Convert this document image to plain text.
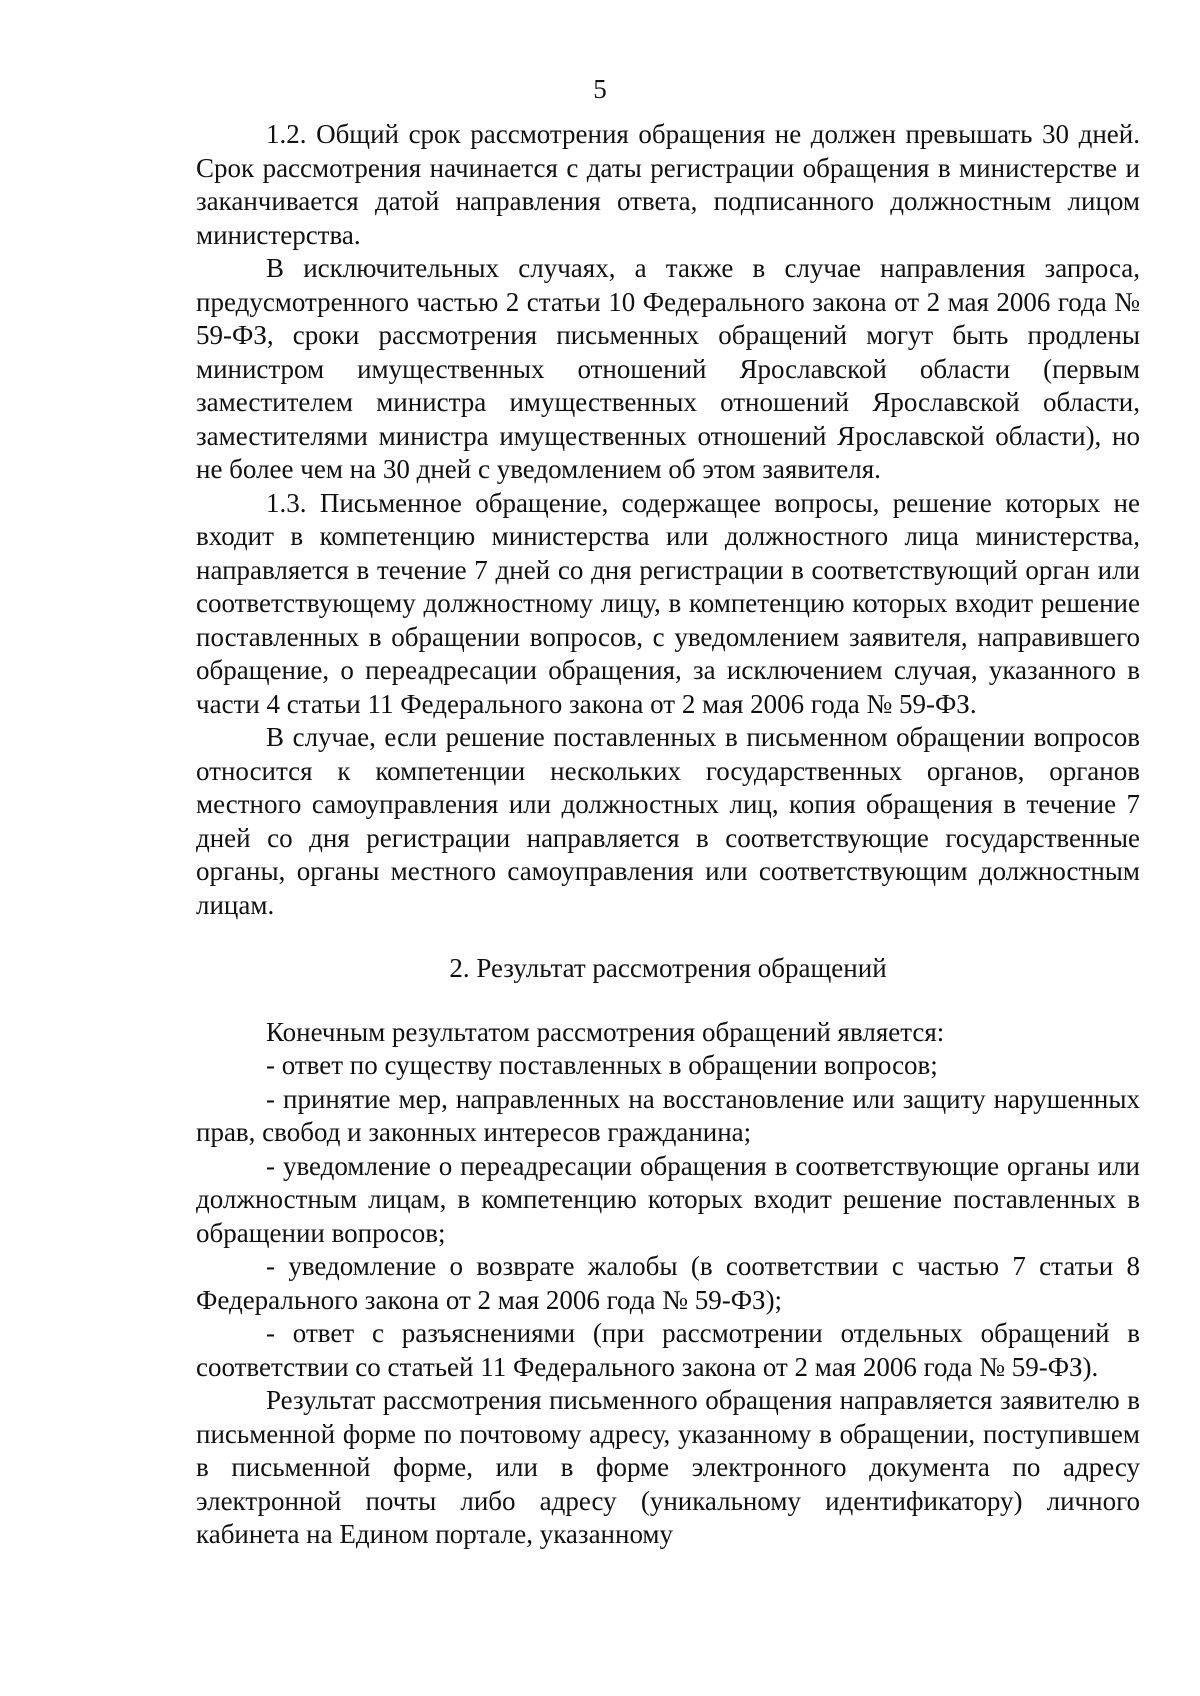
5

1.2. Общий срок рассмотрения обращения не должен превышать 30 дней. Срок рассмотрения начинается с даты регистрации обращения в министерстве и заканчивается датой направления ответа, подписанного должностным лицом министерства.

В исключительных случаях, а также в случае направления запроса, предусмотренного частью 2 статьи 10 Федерального закона от 2 мая 2006 года № 59-ФЗ, сроки рассмотрения письменных обращений могут быть продлены министром имущественных отношений Ярославской области (первым заместителем министра имущественных отношений Ярославской области, заместителями министра имущественных отношений Ярославской области), но не более чем на 30 дней с уведомлением об этом заявителя.

1.3. Письменное обращение, содержащее вопросы, решение которых не входит в компетенцию министерства или должностного лица министерства, направляется в течение 7 дней со дня регистрации в соответствующий орган или соответствующему должностному лицу, в компетенцию которых входит решение поставленных в обращении вопросов, с уведомлением заявителя, направившего обращение, о переадресации обращения, за исключением случая, указанного в части 4 статьи 11 Федерального закона от 2 мая 2006 года № 59-ФЗ.

В случае, если решение поставленных в письменном обращении вопросов относится к компетенции нескольких государственных органов, органов местного самоуправления или должностных лиц, копия обращения в течение 7 дней со дня регистрации направляется в соответствующие государственные органы, органы местного самоуправления или соответствующим должностным лицам.

2. Результат рассмотрения обращений

Конечным результатом рассмотрения обращений является:

- ответ по существу поставленных в обращении вопросов;

- принятие мер, направленных на восстановление или защиту нарушенных прав, свобод и законных интересов гражданина;

- уведомление о переадресации обращения в соответствующие органы или должностным лицам, в компетенцию которых входит решение поставленных в обращении вопросов;

- уведомление о возврате жалобы (в соответствии с частью 7 статьи 8 Федерального закона от 2 мая 2006 года № 59-ФЗ);

- ответ с разъяснениями (при рассмотрении отдельных обращений в соответствии со статьей 11 Федерального закона от 2 мая 2006 года № 59-ФЗ).

Результат рассмотрения письменного обращения направляется заявителю в письменной форме по почтовому адресу, указанному в обращении, поступившем в письменной форме, или в форме электронного документа по адресу электронной почты либо адресу (уникальному идентификатору) личного кабинета на Едином портале, указанному
